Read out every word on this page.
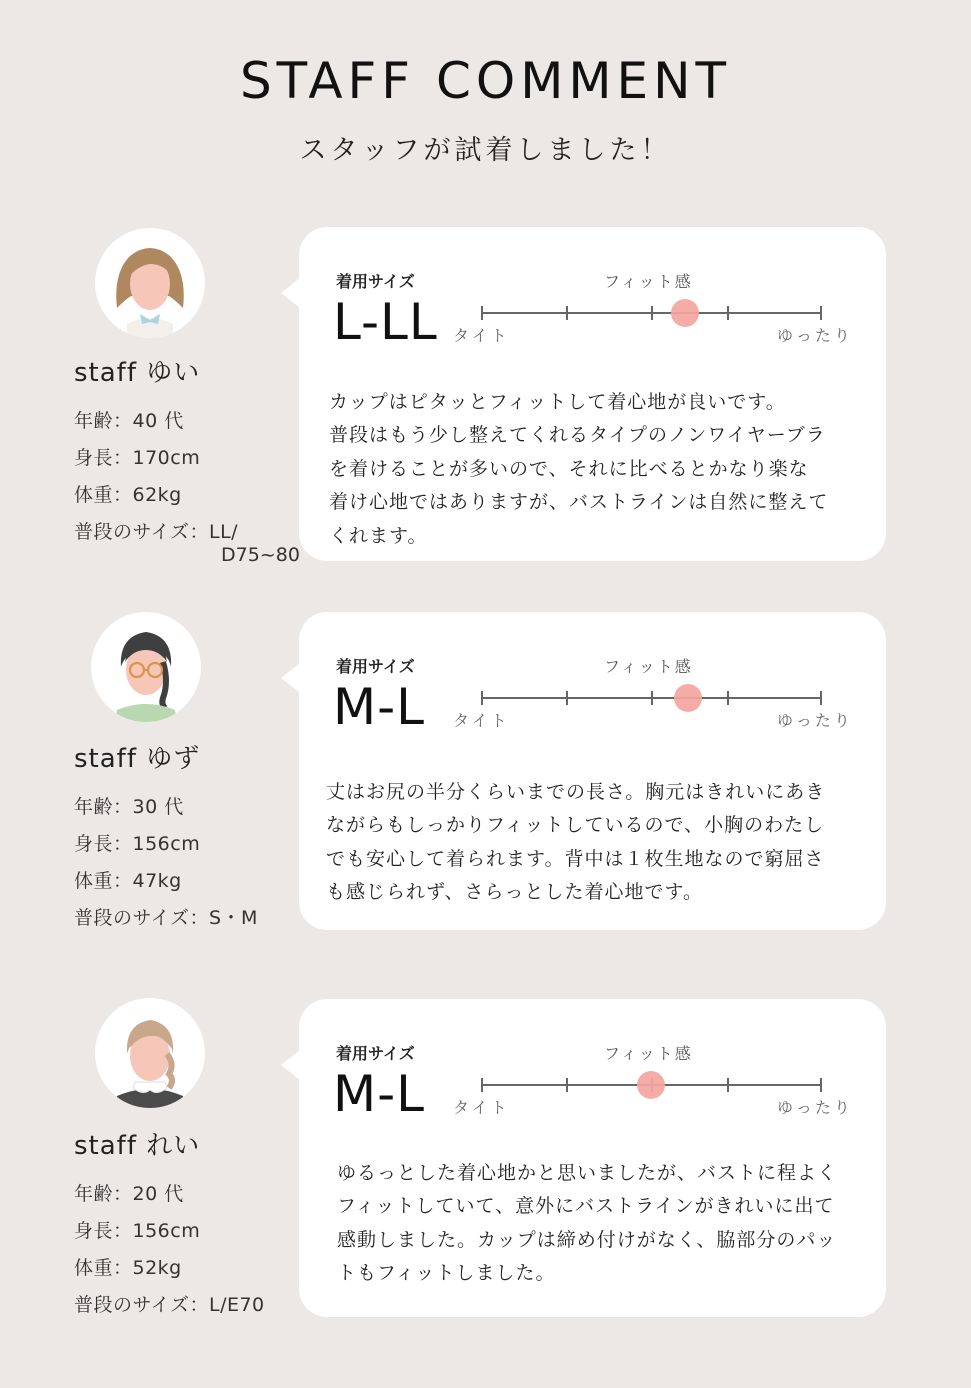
STAFF COMMENT
スタッフが試着しました！
staff ゆい
年齢：40 代
身長：170cm
体重：62kg
普段のサイズ：LL/
D75~80
着用サイズ
L-LL
フィット感
タイト	ゆったり

カップはピタッとフィットして着心地が良いです。

普段はもう少し整えてくれるタイプのノンワイヤーブラ

を着けることが多いので、それに比べるとかなり楽な

着け心地ではありますが、バストラインは自然に整えて

くれます。

staff ゆず
年齢：30 代
身長：156cm
体重：47kg
普段のサイズ：S・M
着用サイズ
M-L
フィット感
タイト	ゆったり

丈はお尻の半分くらいまでの長さ。胸元はきれいにあき

ながらもしっかりフィットしているので、小胸のわたし

でも安心して着られます。背中は１枚生地なので窮屈さ

も感じられず、さらっとした着心地です。

staff れい
年齢：20 代
身長：156cm
体重：52kg
普段のサイズ：L/E70
着用サイズ
M-L
フィット感
タイト	ゆったり

ゆるっとした着心地かと思いましたが、バストに程よく

フィットしていて、意外にバストラインがきれいに出て

感動しました。カップは締め付けがなく、脇部分のパッ

トもフィットしました。
